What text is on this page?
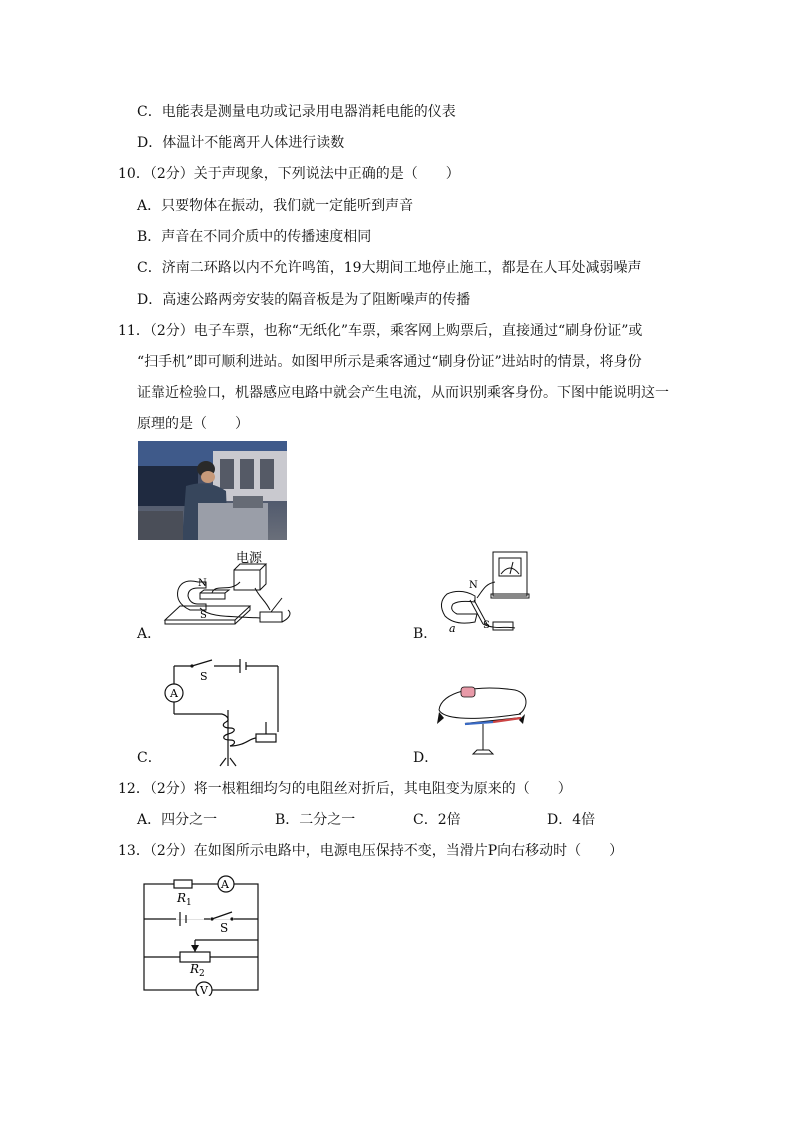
C．电能表是测量电功或记录用电器消耗电能的仪表
D．体温计不能离开人体进行读数
10．（2分）关于声现象，下列说法中正确的是（　　）
A．只要物体在振动，我们就一定能听到声音
B．声音在不同介质中的传播速度相同
C．济南二环路以内不允许鸣笛，19大期间工地停止施工，都是在人耳处减弱噪声
D．高速公路两旁安装的隔音板是为了阻断噪声的传播
11．（2分）电子车票，也称“无纸化”车票，乘客网上购票后，直接通过“刷身份证”或
“扫手机”即可顺利进站。如图甲所示是乘客通过“刷身份证”进站时的情景，将身份
证靠近检验口，机器感应电路中就会产生电流，从而识别乘客身份。下图中能说明这一
原理的是（　　）
电源
N
S
A．
N
S
a
B．
S
A
C．	D．
12．（2分）将一根粗细均匀的电阻丝对折后，其电阻变为原来的（　　）
A．四分之一	B．二分之一	C．2倍	D．4倍
13．（2分）在如图所示电路中，电源电压保持不变，当滑片P向右移动时（　　）
$R_1$
S
$R_2$
A
V
